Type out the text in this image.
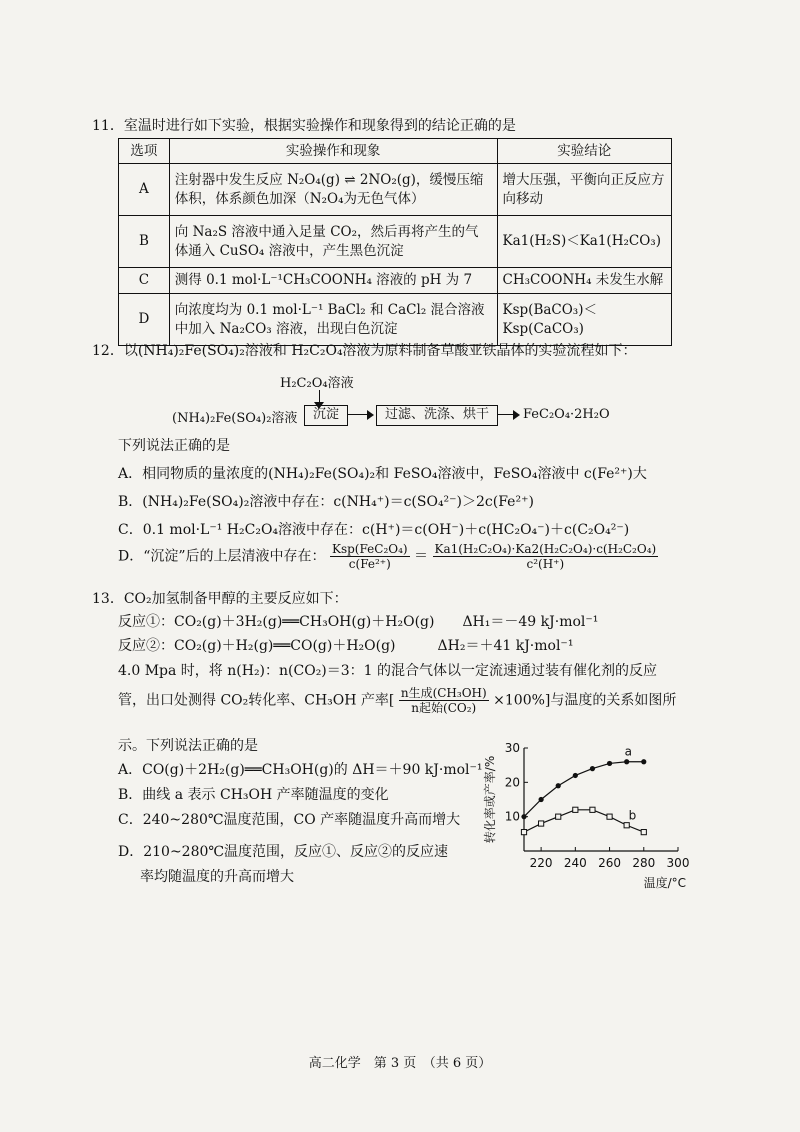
11．室温时进行如下实验，根据实验操作和现象得到的结论正确的是
选项	实验操作和现象	实验结论
A	注射器中发生反应 N₂O₄(g) ⇌ 2NO₂(g)，缓慢压缩体积，体系颜色加深（N₂O₄为无色气体）	增大压强，平衡向正反应方向移动
B	向 Na₂S 溶液中通入足量 CO₂，然后再将产生的气体通入 CuSO₄ 溶液中，产生黑色沉淀	Ka1(H₂S)＜Ka1(H₂CO₃)
C	测得 0.1 mol·L⁻¹CH₃COONH₄ 溶液的 pH 为 7	CH₃COONH₄ 未发生水解
D	向浓度均为 0.1 mol·L⁻¹ BaCl₂ 和 CaCl₂ 混合溶液中加入 Na₂CO₃ 溶液，出现白色沉淀	Ksp(BaCO₃)＜Ksp(CaCO₃)
12．以(NH₄)₂Fe(SO₄)₂溶液和 H₂C₂O₄溶液为原料制备草酸亚铁晶体的实验流程如下：
H₂C₂O₄溶液
(NH₄)₂Fe(SO₄)₂溶液	沉淀	过滤、洗涤、烘干	FeC₂O₄·2H₂O
下列说法正确的是
A．相同物质的量浓度的(NH₄)₂Fe(SO₄)₂和 FeSO₄溶液中，FeSO₄溶液中 c(Fe²⁺)大
B．(NH₄)₂Fe(SO₄)₂溶液中存在：c(NH₄⁺)＝c(SO₄²⁻)＞2c(Fe²⁺)
C．0.1 mol·L⁻¹ H₂C₂O₄溶液中存在：c(H⁺)＝c(OH⁻)＋c(HC₂O₄⁻)＋c(C₂O₄²⁻)
D．“沉淀”后的上层清液中存在： $\frac{\text{Ksp(FeC₂O₄)}}{\text{c(Fe²⁺)}} = \frac{\text{Ka1(H₂C₂O₄)·Ka2(H₂C₂O₄)·c(H₂C₂O₄)}}{\text{c²(H⁺)}}$
13．CO₂加氢制备甲醇的主要反应如下：
反应①：CO₂(g)＋3H₂(g)══CH₃OH(g)＋H₂O(g)　　ΔH₁＝－49 kJ·mol⁻¹
反应②：CO₂(g)＋H₂(g)══CO(g)＋H₂O(g)　　　ΔH₂＝＋41 kJ·mol⁻¹
4.0 Mpa 时，将 n(H₂)：n(CO₂)＝3：1 的混合气体以一定流速通过装有催化剂的反应
管，出口处测得 CO₂转化率、CH₃OH 产率[ $\frac{\text{n生成(CH₃OH)}}{\text{n起始(CO₂)}} \times 100\%$]与温度的关系如图所
示。下列说法正确的是
A．CO(g)＋2H₂(g)══CH₃OH(g)的 ΔH＝＋90 kJ·mol⁻¹
B．曲线 a 表示 CH₃OH 产率随温度的变化
C．240~280℃温度范围，CO 产率随温度升高而增大
D．210~280℃温度范围，反应①、反应②的反应速
率均随温度的升高而增大
10
20
30
220 240 260 280 300
转化率或产率/%
温度/°C
a
b
高二化学　第 3 页　（共 6 页）
